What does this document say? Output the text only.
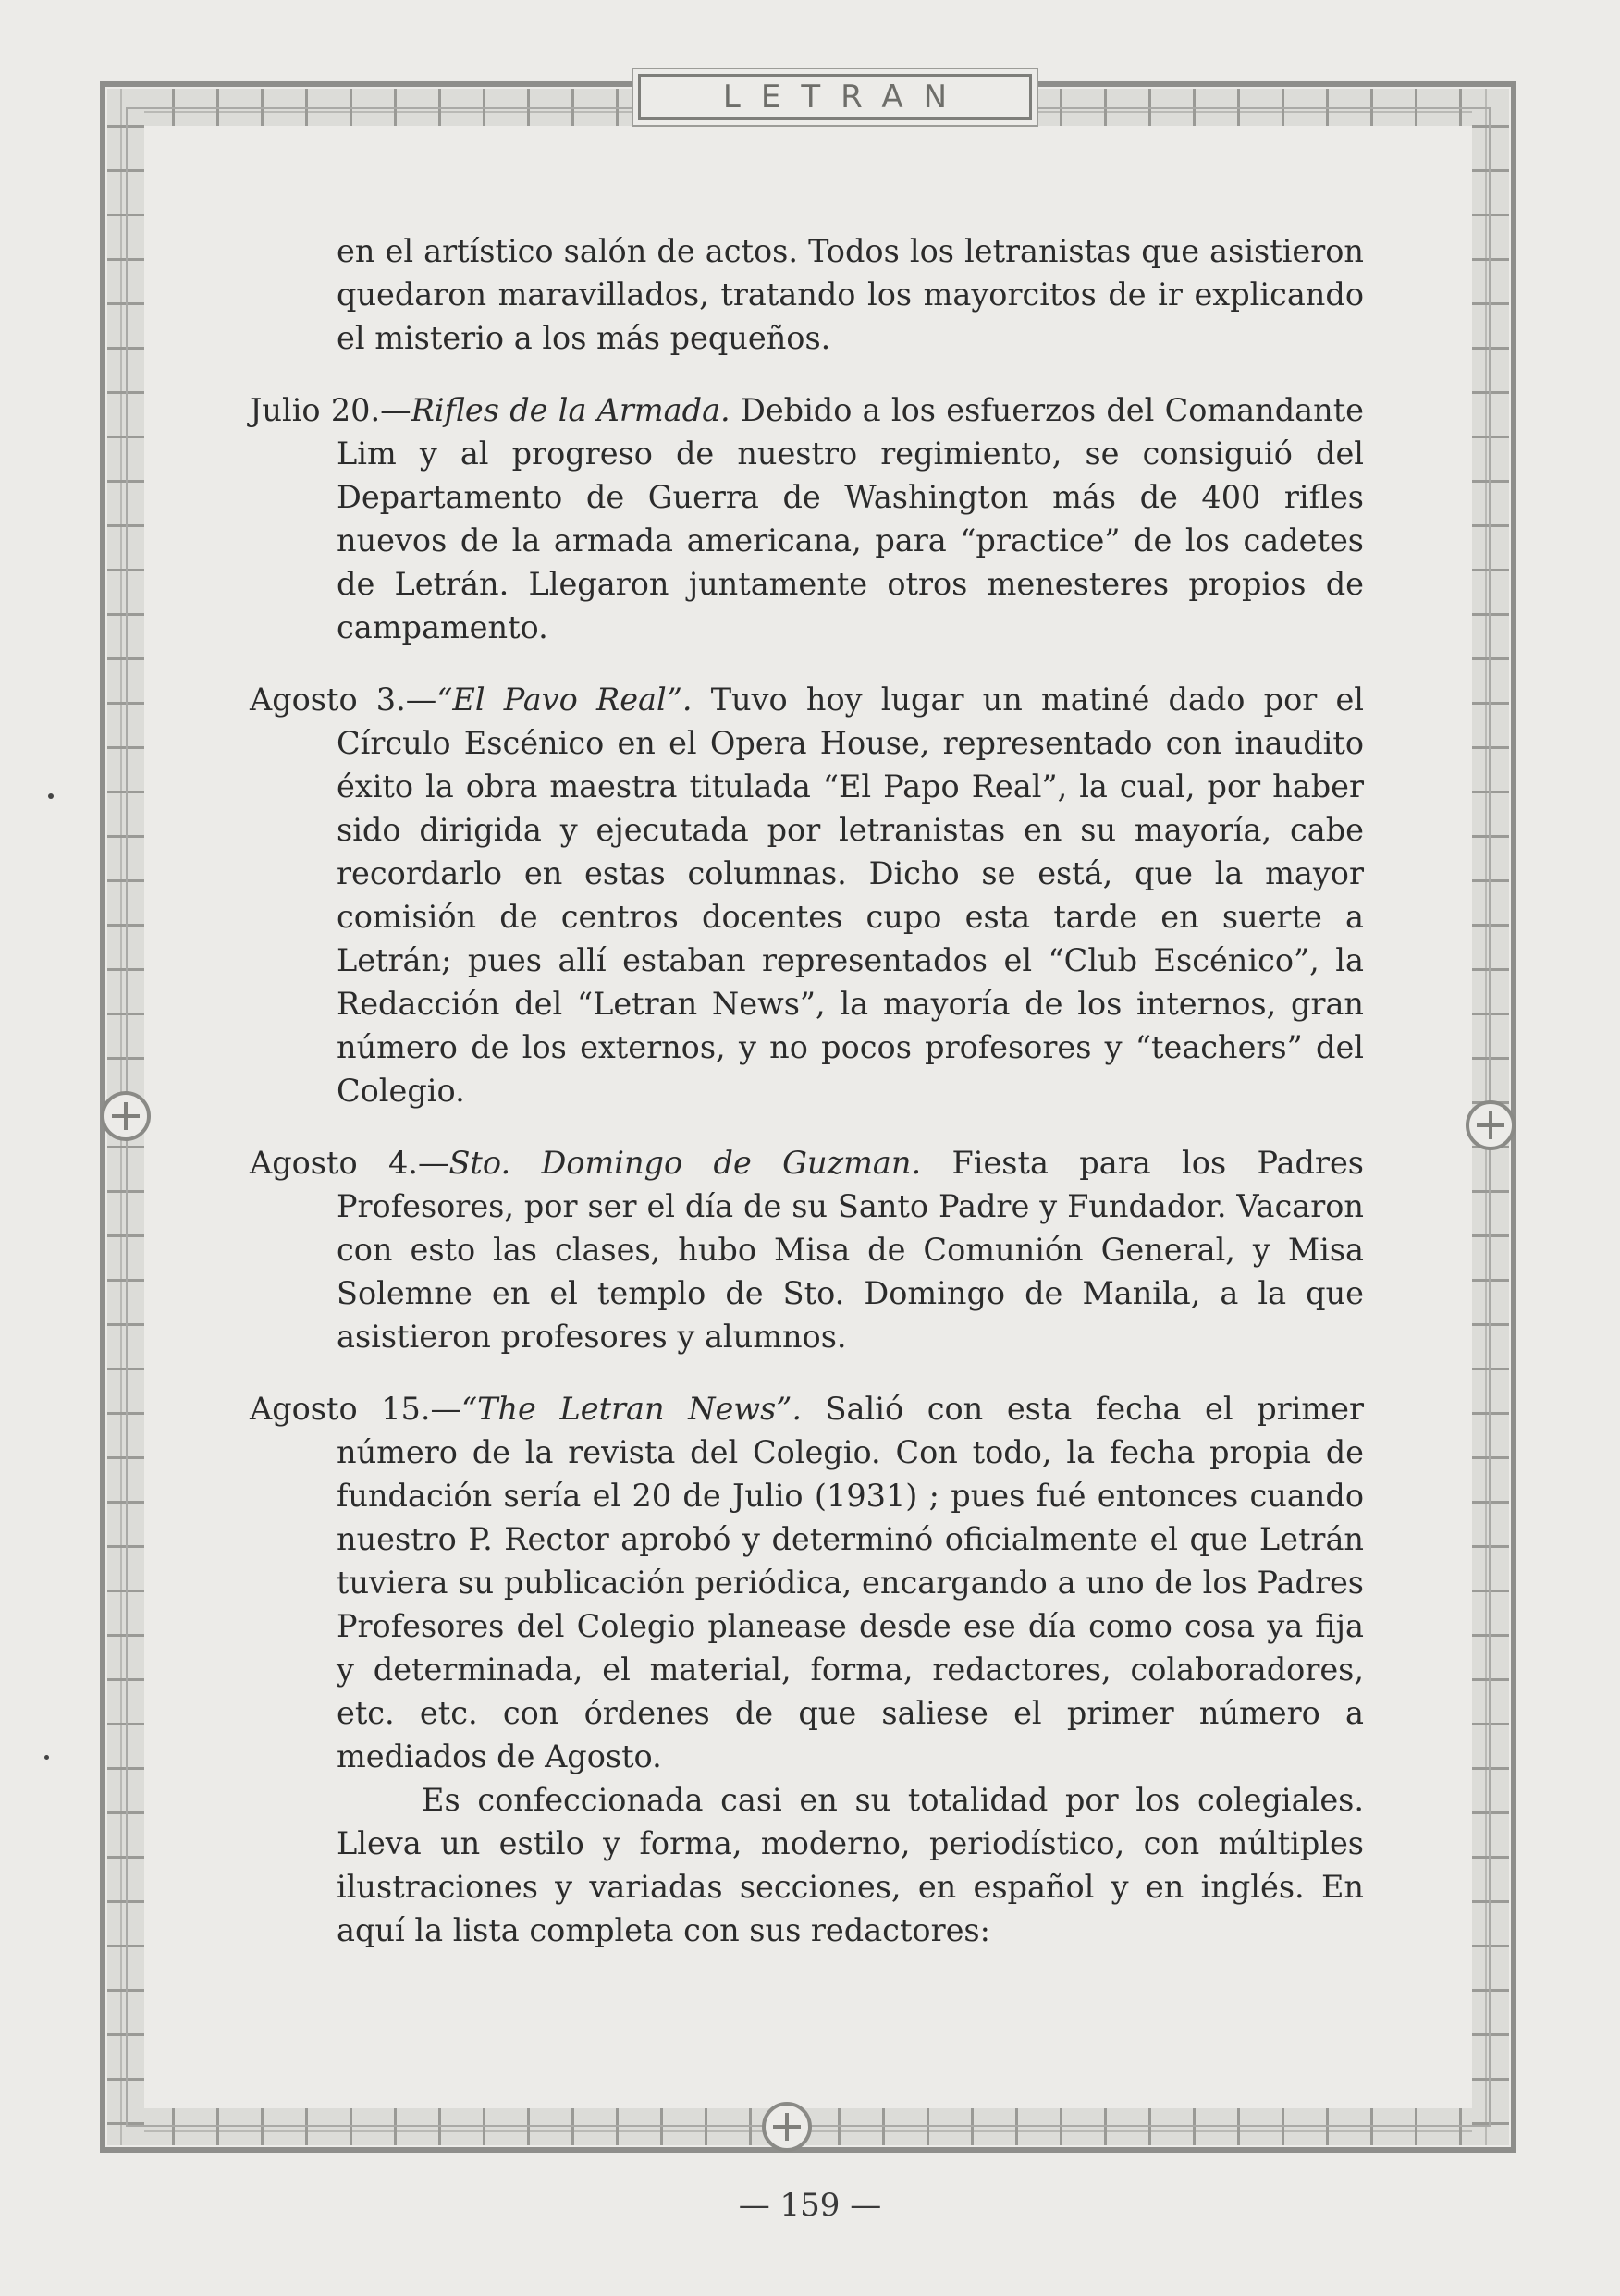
LETRAN

en el artístico salón de actos. Todos los letranistas que asistieron quedaron maravillados, tratando los mayorcitos de ir explicando el misterio a los más pequeños.

Julio 20.—Rifles de la Armada. Debido a los esfuerzos del Comandante Lim y al progreso de nuestro regimiento, se consiguió del Departamento de Guerra de Washington más de 400 rifles nuevos de la armada americana, para “practice” de los cadetes de Letrán. Llegaron juntamente otros menesteres propios de campamento.

Agosto 3.—“El Pavo Real”. Tuvo hoy lugar un matiné dado por el Círculo Escénico en el Opera House, representado con inaudito éxito la obra maestra titulada “El Papo Real”, la cual, por haber sido dirigida y ejecutada por letranistas en su mayoría, cabe recordarlo en estas columnas. Dicho se está, que la mayor comisión de centros docentes cupo esta tarde en suerte a Letrán; pues allí estaban representados el “Club Escénico”, la Redacción del “Letran News”, la mayoría de los internos, gran número de los externos, y no pocos profesores y “teachers” del Colegio.

Agosto 4.—Sto. Domingo de Guzman. Fiesta para los Padres Profesores, por ser el día de su Santo Padre y Fundador. Vacaron con esto las clases, hubo Misa de Comunión General, y Misa Solemne en el templo de Sto. Domingo de Manila, a la que asistieron profesores y alumnos.

Agosto 15.—“The Letran News”. Salió con esta fecha el primer número de la revista del Colegio. Con todo, la fecha propia de fundación sería el 20 de Julio (1931) ; pues fué entonces cuando nuestro P. Rector aprobó y determinó oficialmente el que Letrán tuviera su publicación periódica, encargando a uno de los Padres Profesores del Colegio planease desde ese día como cosa ya fija y determinada, el material, forma, redactores, colaboradores, etc. etc. con órdenes de que saliese el primer número a mediados de Agosto.

Es confeccionada casi en su totalidad por los colegiales. Lleva un estilo y forma, moderno, periodístico, con múltiples ilustraciones y variadas secciones, en español y en inglés. En aquí la lista completa con sus redactores:

— 159 —
